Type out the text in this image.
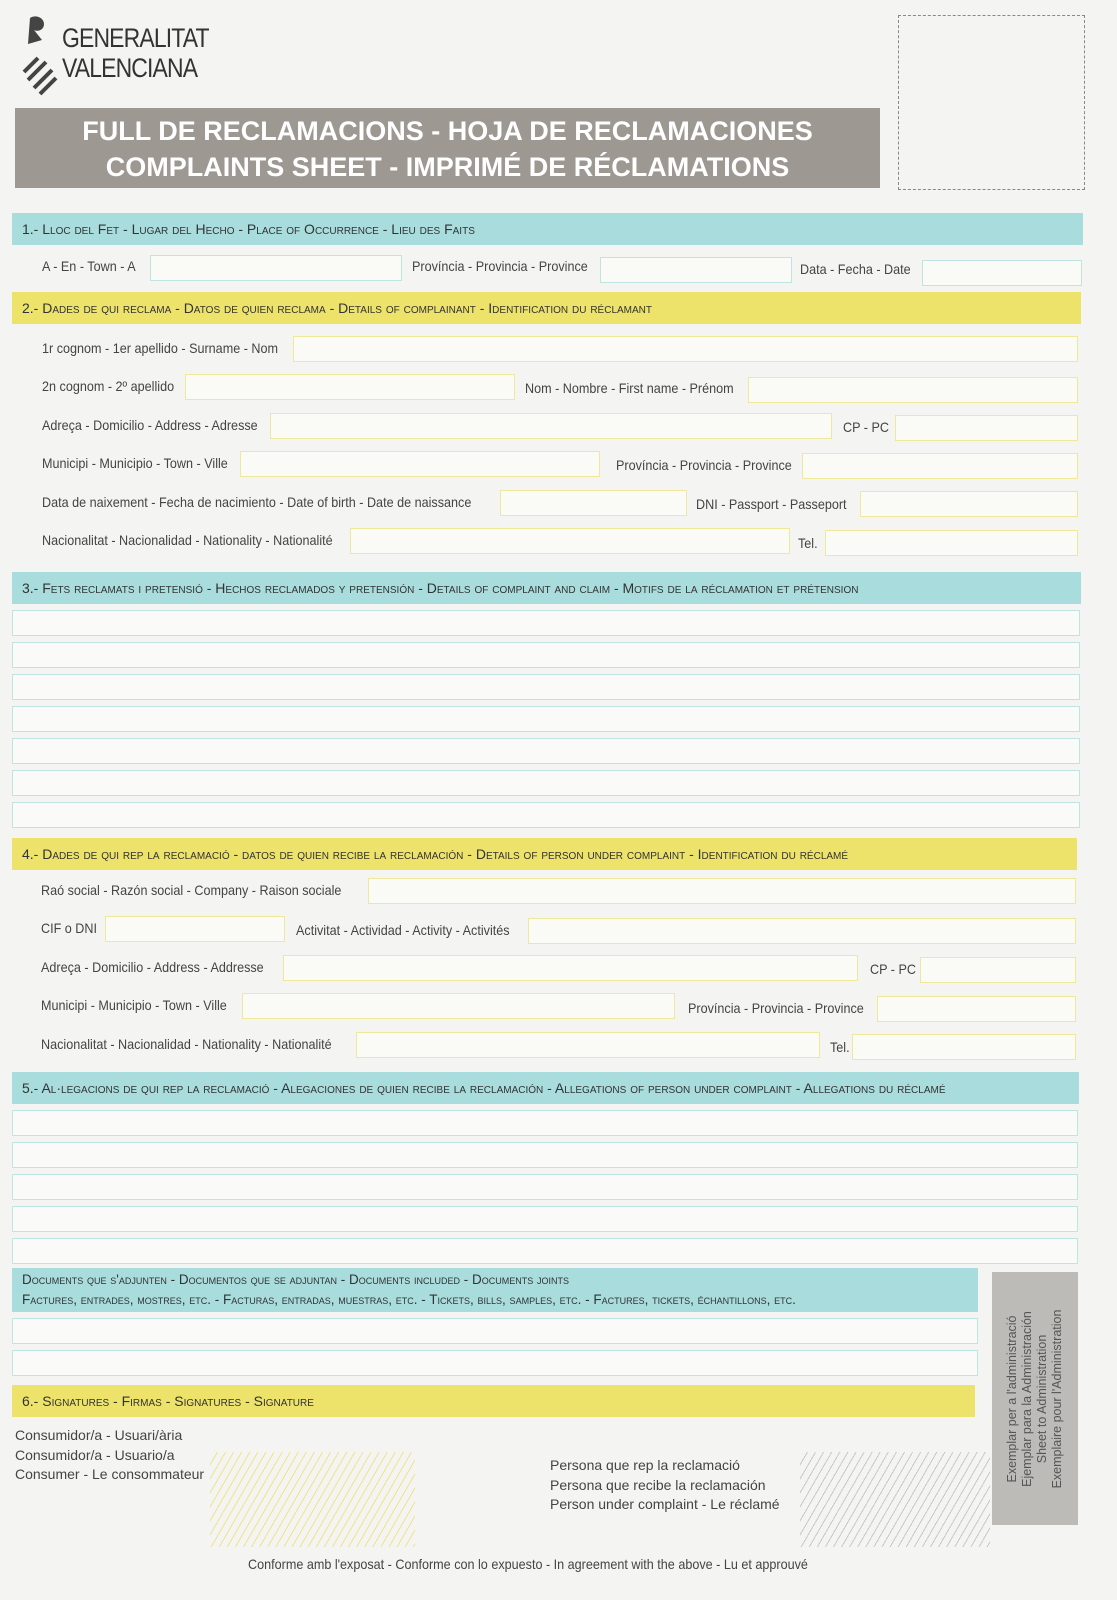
GENERALITAT
VALENCIANA
FULL DE RECLAMACIONS - HOJA DE RECLAMACIONES
COMPLAINTS SHEET - IMPRIMÉ DE RÉCLAMATIONS
1.- Lloc del Fet - Lugar del Hecho - Place of Occurrence - Lieu des Faits
A - En - Town - A	Província - Provincia - Province	Data - Fecha - Date
2.- Dades de qui reclama - Datos de quien reclama - Details of complainant - Identification du réclamant
1r cognom - 1er apellido - Surname - Nom
2n cognom - 2º apellido	Nom - Nombre - First name - Prénom
Adreça - Domicilio - Address - Adresse	CP - PC
Municipi - Municipio - Town - Ville	Província - Provincia - Province
Data de naixement - Fecha de nacimiento - Date of birth - Date de naissance	DNI - Passport - Passeport
Nacionalitat - Nacionalidad - Nationality - Nationalité	Tel.
3.- Fets reclamats i pretensió - Hechos reclamados y pretensión - Details of complaint and claim - Motifs de la réclamation et prétension
4.- Dades de qui rep la reclamació - datos de quien recibe la reclamación - Details of person under complaint - Identification du réclamé
Raó social - Razón social - Company - Raison sociale
CIF o DNI	Activitat - Actividad - Activity - Activités
Adreça - Domicilio - Address - Addresse	CP - PC
Municipi - Municipio - Town - Ville	Província - Provincia - Province
Nacionalitat - Nacionalidad - Nationality - Nationalité	Tel.
5.- Al·legacions de qui rep la reclamació - Alegaciones de quien recibe la reclamación - Allegations of person under complaint - Allegations du réclamé
Documents que s'adjunten - Documentos que se adjuntan - Documents included - Documents joints
Factures, entrades, mostres, etc. - Facturas, entradas, muestras, etc. - Tickets, bills, samples, etc. - Factures, tickets, échantillons, etc.
6.- Signatures - Firmas - Signatures - Signature
Consumidor/a - Usuari/ària
Consumidor/a - Usuario/a
Consumer - Le consommateur
Persona que rep la reclamació
Persona que recibe la reclamación
Person under complaint - Le réclamé
Conforme amb l'exposat - Conforme con lo expuesto - In agreement with the above - Lu et approuvé
Exemplar per a l'administració Ejemplar para la Administración Sheet to Administration Exemplaire pour l'Administration
